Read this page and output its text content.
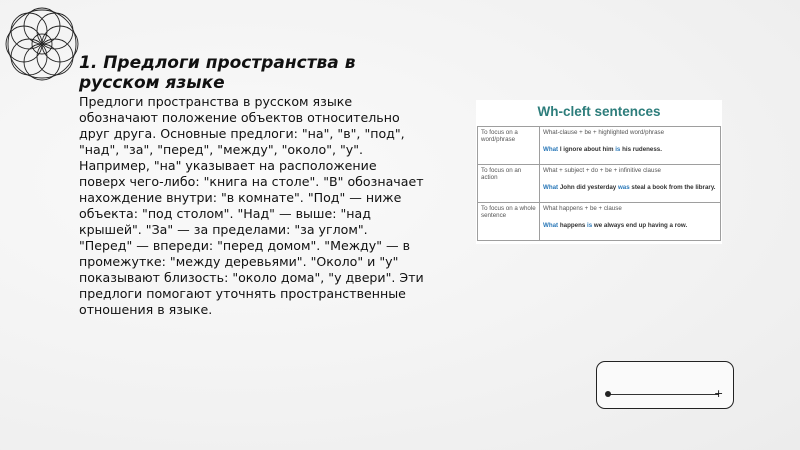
1. Предлоги пространства в русском языке

Предлоги пространства в русском языке обозначают положение объектов относительно друг друга. Основные предлоги: "на", "в", "под", "над", "за", "перед", "между", "около", "у". Например, "на" указывает на расположение поверх чего-либо: "книга на столе". "В" обозначает нахождение внутри: "в комнате". "Под" — ниже объекта: "под столом". "Над" — выше: "над крышей". "За" — за пределами: "за углом". "Перед" — впереди: "перед домом". "Между" — в промежутке: "между деревьями". "Около" и "у" показывают близость: "около дома", "у двери". Эти предлоги помогают уточнять пространственные отношения в языке.

Wh-cleft sentences
To focus on a word/phrase	What-clause + be + highlighted word/phrase
What I ignore about him is his rudeness.

To focus on an action	What + subject + do + be + infinitive clause
What John did yesterday was steal a book from the library.

To focus on a whole sentence	What happens + be + clause
What happens is we always end up having a row.
+
